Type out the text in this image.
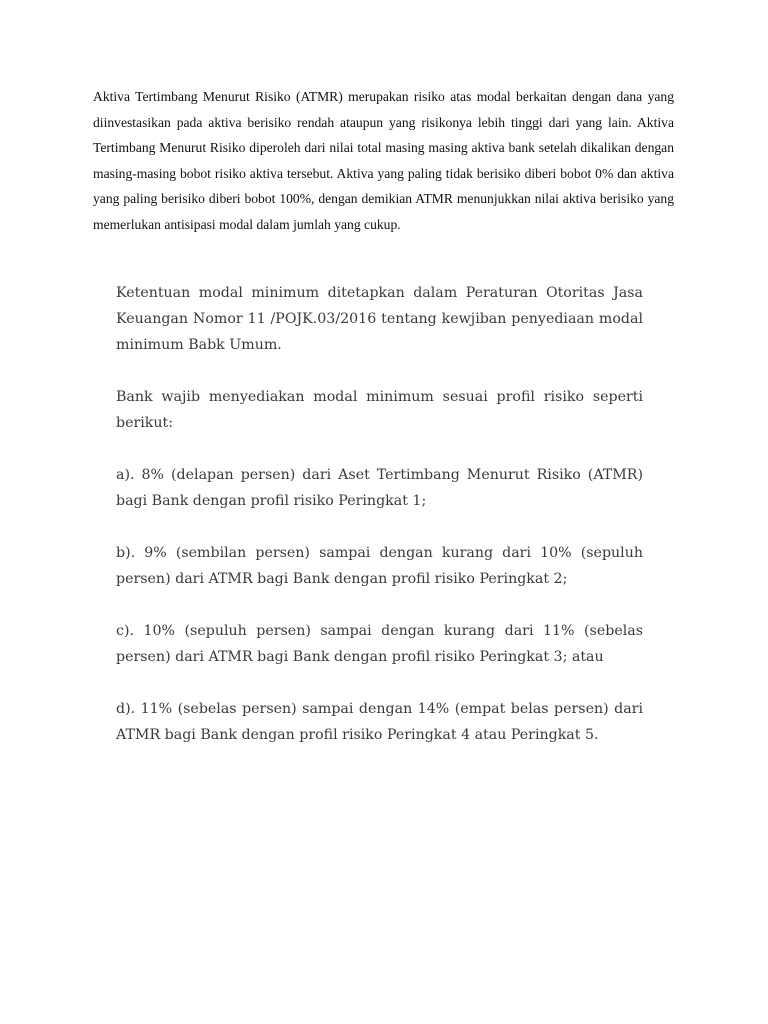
Aktiva Tertimbang Menurut Risiko (ATMR) merupakan risiko atas modal berkaitan dengan dana yang diinvestasikan pada aktiva berisiko rendah ataupun yang risikonya lebih tinggi dari yang lain. Aktiva Tertimbang Menurut Risiko diperoleh dari nilai total masing masing aktiva bank setelah dikalikan dengan masing-masing bobot risiko aktiva tersebut. Aktiva yang paling tidak berisiko diberi bobot 0% dan aktiva yang paling berisiko diberi bobot 100%, dengan demikian ATMR menunjukkan nilai aktiva berisiko yang memerlukan antisipasi modal dalam jumlah yang cukup.

Ketentuan modal minimum ditetapkan dalam Peraturan Otoritas Jasa Keuangan Nomor 11 /POJK.03/2016 tentang kewjiban penyediaan modal minimum Babk Umum.

Bank wajib menyediakan modal minimum sesuai profil risiko seperti berikut:

a). 8% (delapan persen) dari Aset Tertimbang Menurut Risiko (ATMR) bagi Bank dengan profil risiko Peringkat 1;

b). 9% (sembilan persen) sampai dengan kurang dari 10% (sepuluh persen) dari ATMR bagi Bank dengan profil risiko Peringkat 2;

c). 10% (sepuluh persen) sampai dengan kurang dari 11% (sebelas persen) dari ATMR bagi Bank dengan profil risiko Peringkat 3; atau

d). 11% (sebelas persen) sampai dengan 14% (empat belas persen) dari ATMR bagi Bank dengan profil risiko Peringkat 4 atau Peringkat 5.
